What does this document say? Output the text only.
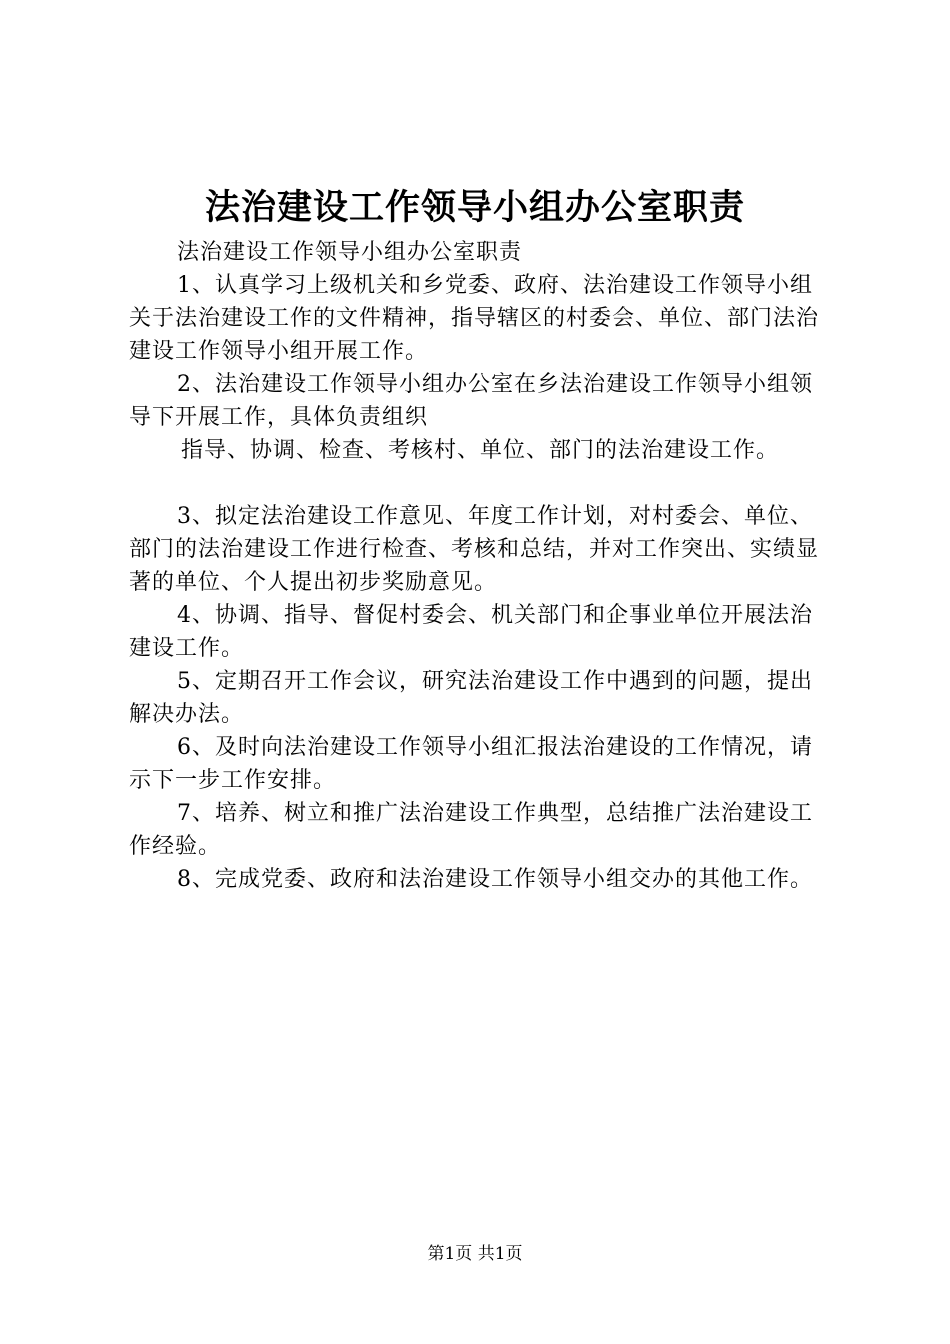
法治建设工作领导小组办公室职责

法治建设工作领导小组办公室职责

1、认真学习上级机关和乡党委、政府、法治建设工作领导小组关于法治建设工作的文件精神，指导辖区的村委会、单位、部门法治建设工作领导小组开展工作。

2、法治建设工作领导小组办公室在乡法治建设工作领导小组领导下开展工作，具体负责组织

指导、协调、检查、考核村、单位、部门的法治建设工作。

3、拟定法治建设工作意见、年度工作计划，对村委会、单位、部门的法治建设工作进行检查、考核和总结，并对工作突出、实绩显著的单位、个人提出初步奖励意见。

4、协调、指导、督促村委会、机关部门和企事业单位开展法治建设工作。

5、定期召开工作会议，研究法治建设工作中遇到的问题，提出解决办法。

6、及时向法治建设工作领导小组汇报法治建设的工作情况，请示下一步工作安排。

7、培养、树立和推广法治建设工作典型，总结推广法治建设工作经验。

8、完成党委、政府和法治建设工作领导小组交办的其他工作。

第1页 共1页
